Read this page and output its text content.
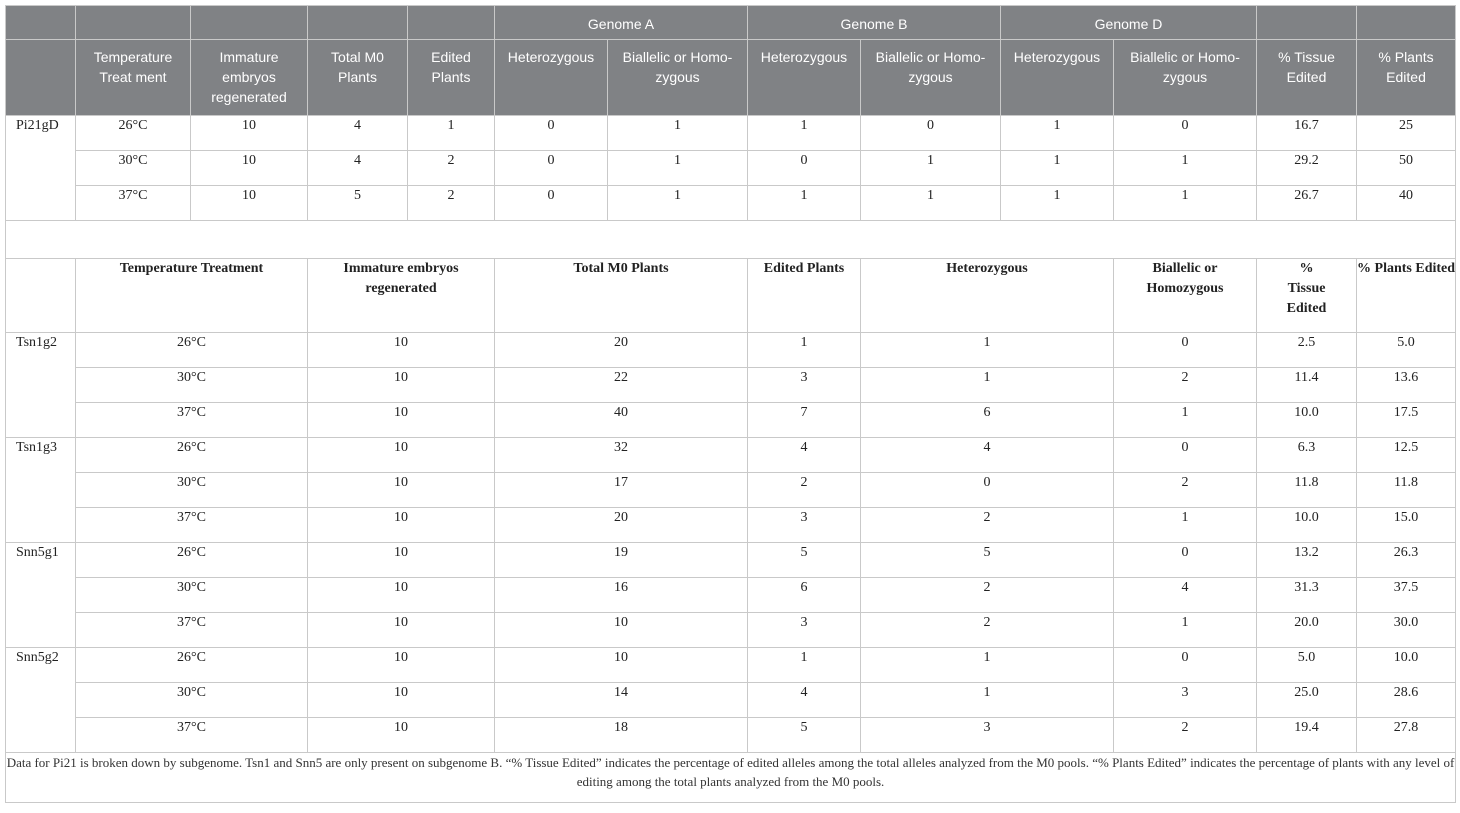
					Genome A		Genome B		Genome D			
	Temperature Treat ment	Immature embryos regenerated	Total M0 Plants	Edited Plants	Heterozygous	Biallelic or Homo-zygous	Heterozygous	Biallelic or Homo-zygous	Heterozygous	Biallelic or Homo-zygous	% Tissue Edited	% Plants Edited
Pi21gD	26°C	10	4	1	0	1	1	0	1	0	16.7	25
	30°C	10	4	2	0	1	0	1	1	1	29.2	50
	37°C	10	5	2	0	1	1	1	1	1	26.7	40

	Temperature Treatment		Immature embryos regenerated		Total M0 Plants		Edited Plants	Heterozygous		Biallelic or Homozygous	% Tissue Edited	% Plants Edited
Tsn1g2	26°C		10		20		1	1		0	2.5	5.0
	30°C		10		22		3	1		2	11.4	13.6
	37°C		10		40		7	6		1	10.0	17.5
Tsn1g3	26°C		10		32		4	4		0	6.3	12.5
	30°C		10		17		2	0		2	11.8	11.8
	37°C		10		20		3	2		1	10.0	15.0
Snn5g1	26°C		10		19		5	5		0	13.2	26.3
	30°C		10		16		6	2		4	31.3	37.5
	37°C		10		10		3	2		1	20.0	30.0
Snn5g2	26°C		10		10		1	1		0	5.0	10.0
	30°C		10		14		4	1		3	25.0	28.6
	37°C		10		18		5	3		2	19.4	27.8
Data for Pi21 is broken down by subgenome. Tsn1 and Snn5 are only present on subgenome B. “% Tissue Edited” indicates the percentage of edited alleles among the total alleles analyzed from the M0 pools. “% Plants Edited” indicates the percentage of plants with any level of editing among the total plants analyzed from the M0 pools.												
